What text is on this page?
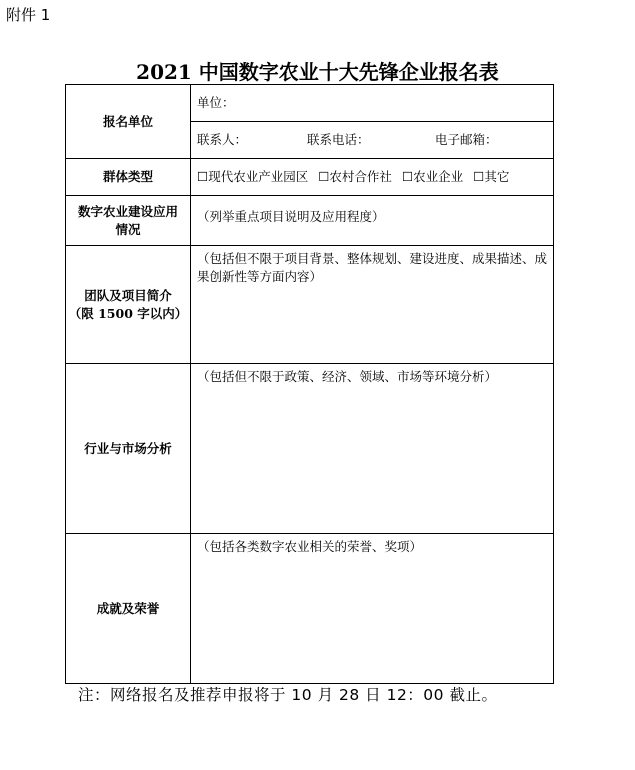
附件 1
2021 中国数字农业十大先锋企业报名表
报名单位	单位：
	联系人： 联系电话： 电子邮箱：
群体类型	☐现代农业产业园区 ☐农村合作社 ☐农业企业 ☐其它

数字农业建设应用
情况	（列举重点项目说明及应用程度）

团队及项目简介
（限 1500 字以内）	（包括但不限于项目背景、整体规划、建设进度、成果描述、成果创新性等方面内容）
行业与市场分析	（包括但不限于政策、经济、领域、市场等环境分析）
成就及荣誉	（包括各类数字农业相关的荣誉、奖项）
注：网络报名及推荐申报将于 10 月 28 日 12：00 截止。
